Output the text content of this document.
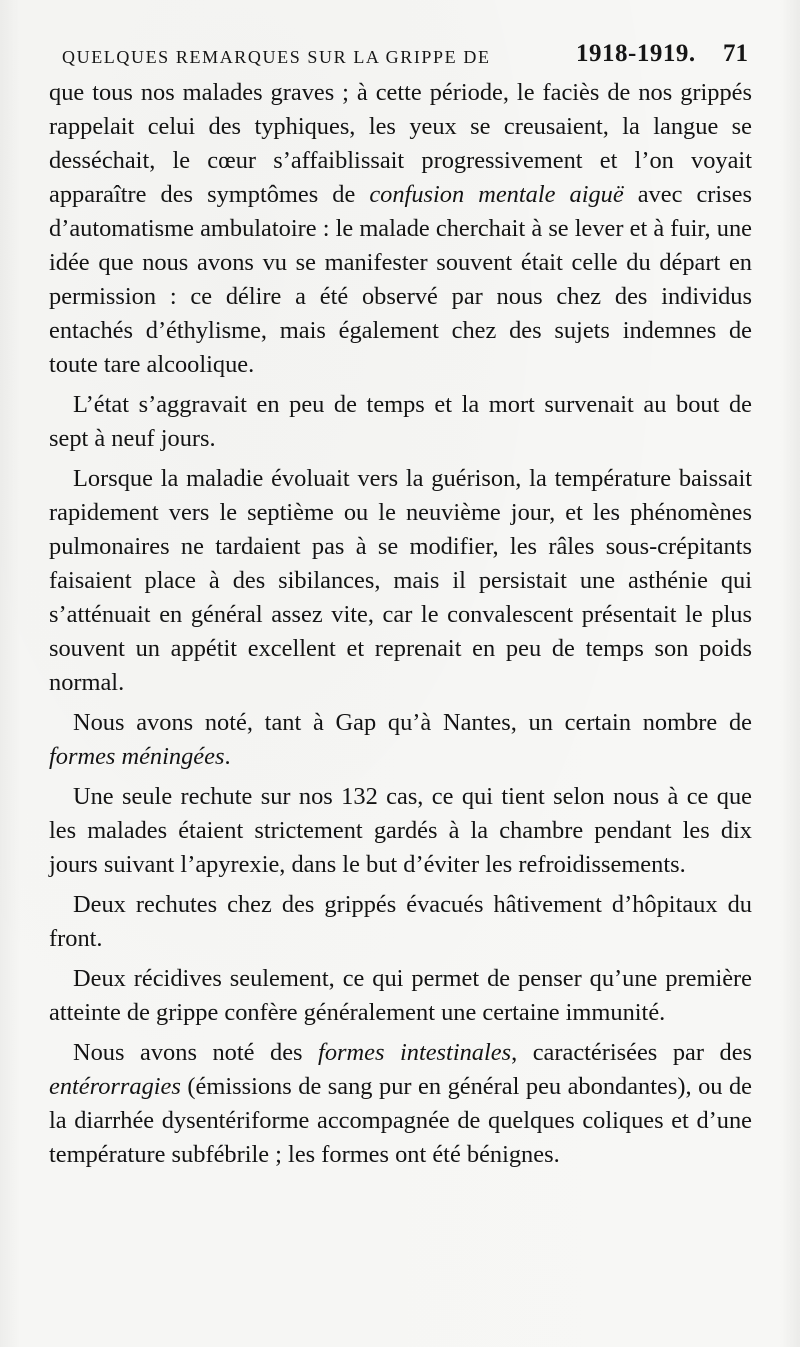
QUELQUES REMARQUES SUR LA GRIPPE DE	1918-1919. 71

que tous nos malades graves ; à cette période, le faciès de nos grippés rappelait celui des typhiques, les yeux se creusaient, la langue se desséchait, le cœur s’affaiblissait progressivement et l’on voyait apparaître des symptômes de confusion mentale aiguë avec crises d’automatisme ambulatoire : le malade cherchait à se lever et à fuir, une idée que nous avons vu se manifester souvent était celle du départ en permission : ce délire a été observé par nous chez des individus entachés d’éthylisme, mais également chez des sujets indemnes de toute tare alcoolique.

L’état s’aggravait en peu de temps et la mort survenait au bout de sept à neuf jours.

Lorsque la maladie évoluait vers la guérison, la température baissait rapidement vers le septième ou le neuvième jour, et les phénomènes pulmonaires ne tardaient pas à se modifier, les râles sous-crépitants faisaient place à des sibilances, mais il persistait une asthénie qui s’atténuait en général assez vite, car le convalescent présentait le plus souvent un appétit excellent et reprenait en peu de temps son poids normal.

Nous avons noté, tant à Gap qu’à Nantes, un certain nombre de formes méningées.

Une seule rechute sur nos 132 cas, ce qui tient selon nous à ce que les malades étaient strictement gardés à la chambre pendant les dix jours suivant l’apyrexie, dans le but d’éviter les refroidissements.

Deux rechutes chez des grippés évacués hâtivement d’hôpitaux du front.

Deux récidives seulement, ce qui permet de penser qu’une première atteinte de grippe confère généralement une certaine immunité.

Nous avons noté des formes intestinales, caractérisées par des entérorragies (émissions de sang pur en général peu abondantes), ou de la diarrhée dysentériforme accompagnée de quelques coliques et d’une température subfébrile ; les formes ont été bénignes.
